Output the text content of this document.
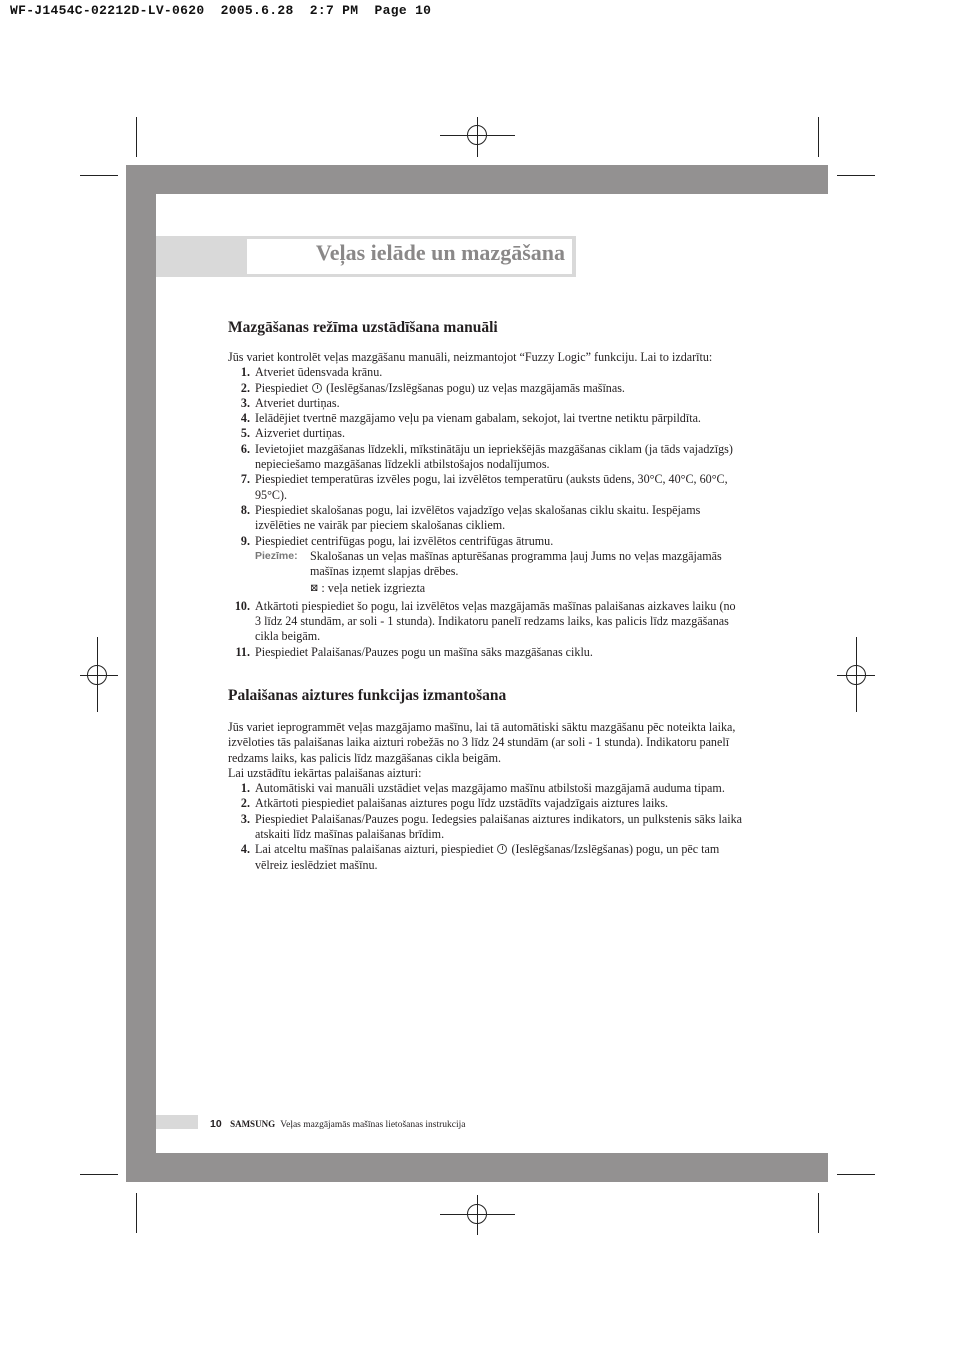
WF-J1454C-02212D-LV-0620  2005.6.28  2:7 PM  Page 10
Veļas ielāde un mazgāšana
Mazgāšanas režīma uzstādīšana manuāli

Jūs variet kontrolēt veļas mazgāšanu manuāli, neizmantojot “Fuzzy Logic” funkciju. Lai to izdarītu:

1. Atveriet ūdensvada krānu.
2. Piespiediet (Ieslēgšanas/Izslēgšanas pogu) uz veļas mazgājamās mašīnas.
3. Atveriet durtiņas.
4. Ielādējiet tvertnē mazgājamo veļu pa vienam gabalam, sekojot, lai tvertne netiktu pārpildīta.
5. Aizveriet durtiņas.
6. Ievietojiet mazgāšanas līdzekli, mīkstinātāju un iepriekšējās mazgāšanas ciklam (ja tāds vajadzīgs) nepieciešamo mazgāšanas līdzekli atbilstošajos nodalījumos.
7. Piespiediet temperatūras izvēles pogu, lai izvēlētos temperatūru (auksts ūdens, 30°C, 40°C, 60°C, 95°C).
8. Piespiediet skalošanas pogu, lai izvēlētos vajadzīgo veļas skalošanas ciklu skaitu. Iespējams izvēlēties ne vairāk par pieciem skalošanas cikliem.
9. Piespiediet centrifūgas pogu, lai izvēlētos centrifūgas ātrumu.
Piezīme: Skalošanas un veļas mašīnas apturēšanas programma ļauj Jums no veļas mazgājamās mašīnas izņemt slapjas drēbes.
⊠ : veļa netiek izgriezta
10. Atkārtoti piespiediet šo pogu, lai izvēlētos veļas mazgājamās mašīnas palaišanas aizkaves laiku (no 3 līdz 24 stundām, ar soli - 1 stunda). Indikatoru panelī redzams laiks, kas palicis līdz mazgāšanas cikla beigām.
11. Piespiediet Palaišanas/Pauzes pogu un mašīna sāks mazgāšanas ciklu.
Palaišanas aiztures funkcijas izmantošana

Jūs variet ieprogrammēt veļas mazgājamo mašīnu, lai tā automātiski sāktu mazgāšanu pēc noteikta laika, izvēloties tās palaišanas laika aizturi robežās no 3 līdz 24 stundām (ar soli - 1 stunda). Indikatoru panelī redzams laiks, kas palicis līdz mazgāšanas cikla beigām.

Lai uzstādītu iekārtas palaišanas aizturi:

1. Automātiski vai manuāli uzstādiet veļas mazgājamo mašīnu atbilstoši mazgājamā auduma tipam.
2. Atkārtoti piespiediet palaišanas aiztures pogu līdz uzstādīts vajadzīgais aiztures laiks.
3. Piespiediet Palaišanas/Pauzes pogu. Iedegsies palaišanas aiztures indikators, un pulkstenis sāks laika atskaiti līdz mašīnas palaišanas brīdim.
4. Lai atceltu mašīnas palaišanas aizturi, piespiediet (Ieslēgšanas/Izslēgšanas) pogu, un pēc tam vēlreiz ieslēdziet mašīnu.
10 SAMSUNG Veļas mazgājamās mašīnas lietošanas instrukcija
